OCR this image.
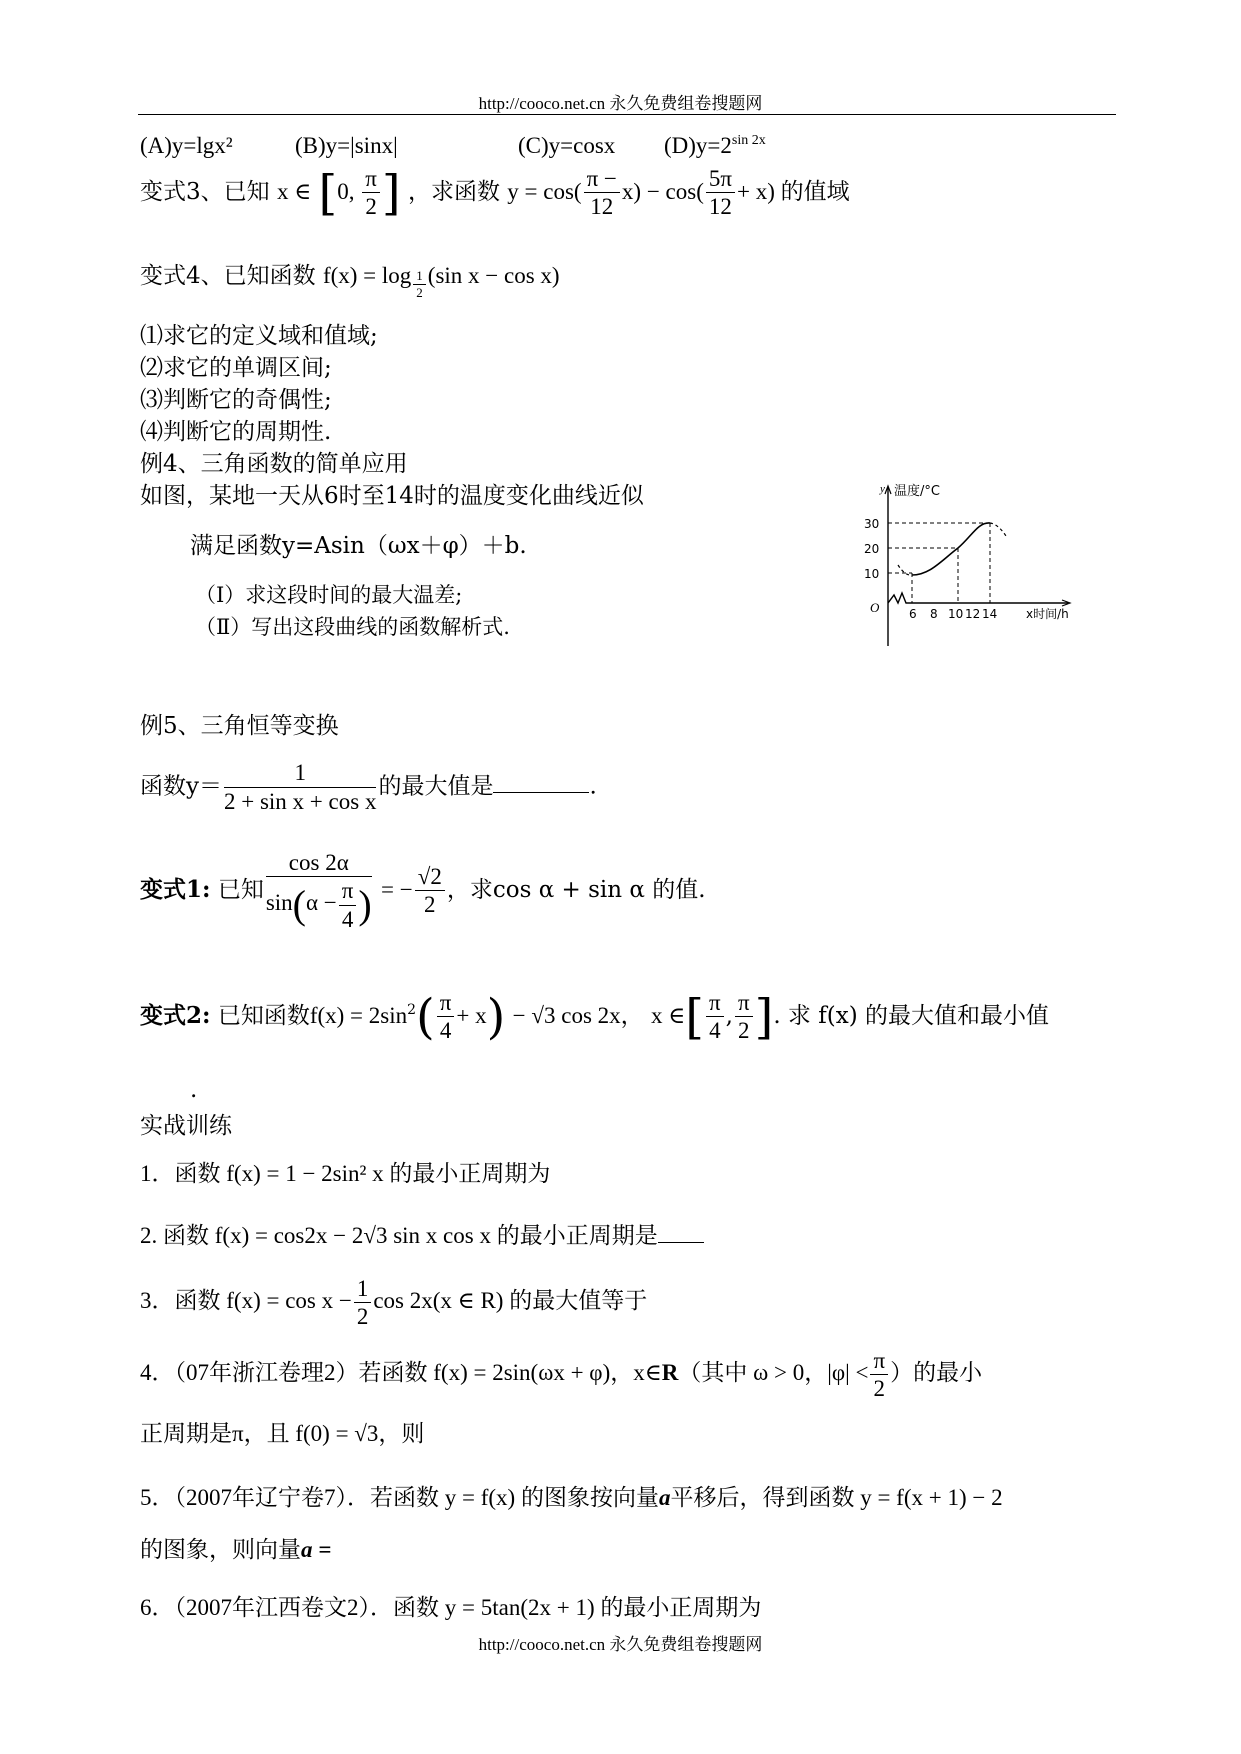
http://cooco.net.cn 永久免费组卷搜题网
(A)y=lgx²	(B)y=|sinx|	(C)y=cosx $(D)y=2^{sin 2x}$
变式3、已知 x ∈ [0, $\frac{\pi}{2}$ ] ，求函数 $y = \cos( \frac{\pi -}{12} x) - \cos( \frac{5\pi}{12} + x)$ 的值域
变式4、已知函数 $f(x) = \log \frac{1}{2} (\sin$ x − cos x)
⑴求它的定义域和值域;
⑵求它的单调区间;
⑶判断它的奇偶性;
⑷判断它的周期性.
例4、三角函数的简单应用
如图，某地一天从6时至14时的温度变化曲线近似
满足函数y=Asin（ωx＋φ）＋b.
（Ⅰ）求这段时间的最大温差;
（Ⅱ）写出这段曲线的函数解析式.
y 温度/°C
30
20
10
O 6 8 10 12 14 x时间/h
例5、三角恒等变换
函数$y= \frac{1}{\text{2 + sin x + cos x}}$ 的最大值是	.
变式1: 已知 $\frac{\cos 2\alpha}{\sin(\alpha - \frac{\pi}{4} )}$ = − $\frac{√2}{2}$ ，求cos α + sin α 的值.
变式2: 已知函数$f(x) = 2\sin^2( \frac{\pi}{4} + x) - √3$ cos 2x， x ∈[ $\frac{\pi}{4}$ , $\frac{\pi}{2}$ ]. 求 f(x) 的最大值和最小值
.
实战训练
1．函数 f(x) = 1 − 2sin² x 的最小正周期为
2. 函数 f(x) = cos2x − 2√3 sin x cos x 的最小正周期是
3．函数 $f(x) = \cos x - \frac{1}{2}$ cos 2x(x ∈ R) 的最大值等于
4．（07年浙江卷理2）若函数 f(x) = 2sin(ωx + φ)，x∈R（其中 ω > 0，$|\varphi| < \frac{\pi}{2}$ ）的最小
正周期是π，且 f(0) = √3，则
5．（2007年辽宁卷7）．若函数 y = f(x) 的图象按向量a平移后，得到函数 y = f(x + 1) − 2
的图象，则向量a =
6．（2007年江西卷文2）．函数 y = 5tan(2x + 1) 的最小正周期为
http://cooco.net.cn 永久免费组卷搜题网
